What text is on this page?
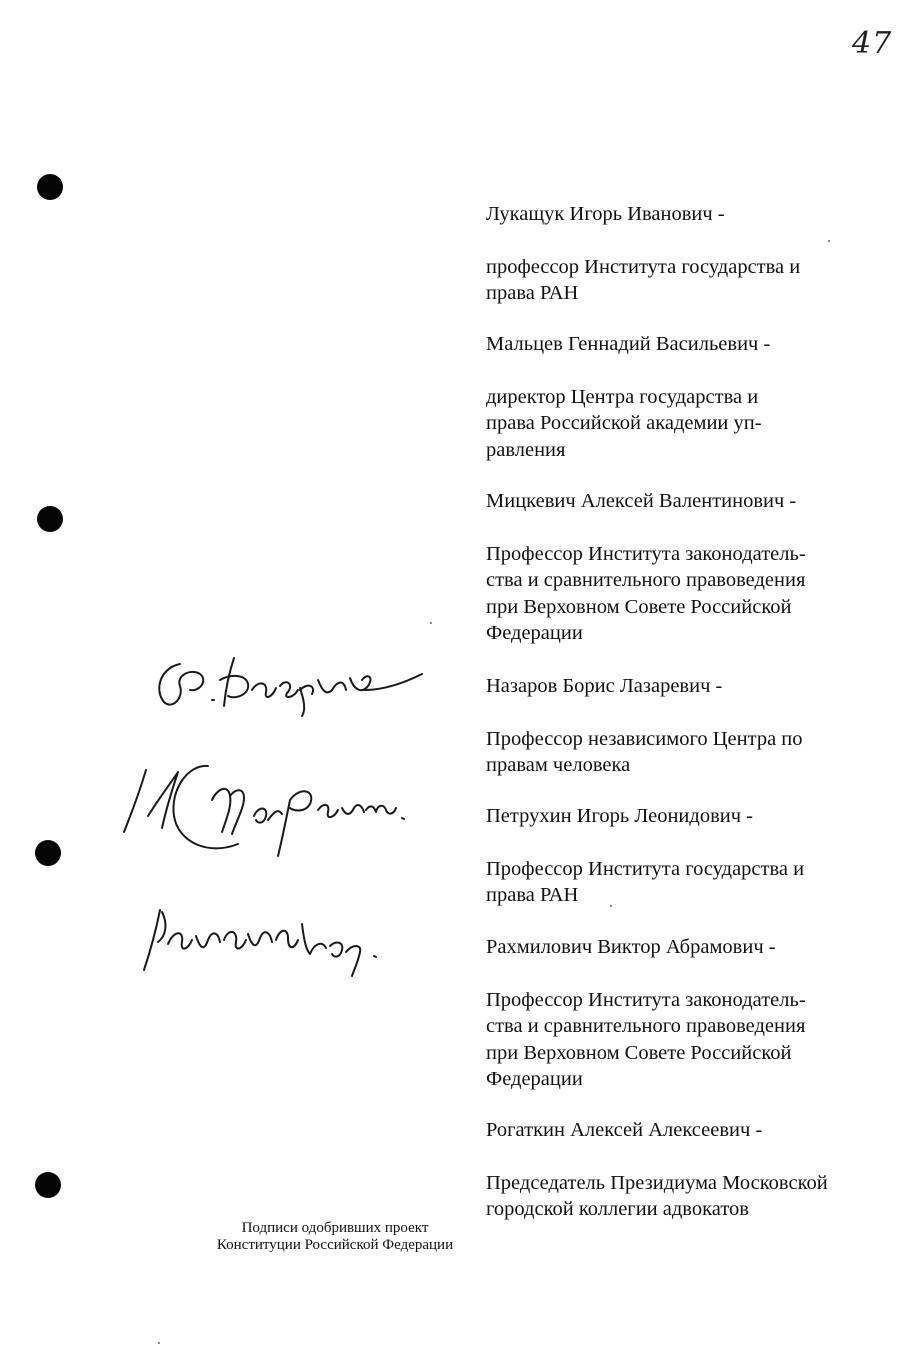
47

Лукащук Игорь Иванович -

профессор Института государства и
права РАН

Мальцев Геннадий Васильевич -

директор Центра государства и
права Российской академии уп-
равления

Мицкевич Алексей Валентинович -

Профессор Института законодатель-
ства и сравнительного правоведения
при Верховном Совете Российской
Федерации

Назаров Борис Лазаревич -

Профессор независимого Центра по
правам человека

Петрухин Игорь Леонидович -

Профессор Института государства и
права РАН

Рахмилович Виктор Абрамович -

Профессор Института законодатель-
ства и сравнительного правоведения
при Верховном Совете Российской
Федерации

Рогаткин Алексей Алексеевич -

Председатель Президиума Московской
городской коллегии адвокатов

Подписи одобривших проект
Конституции Российской Федерации
